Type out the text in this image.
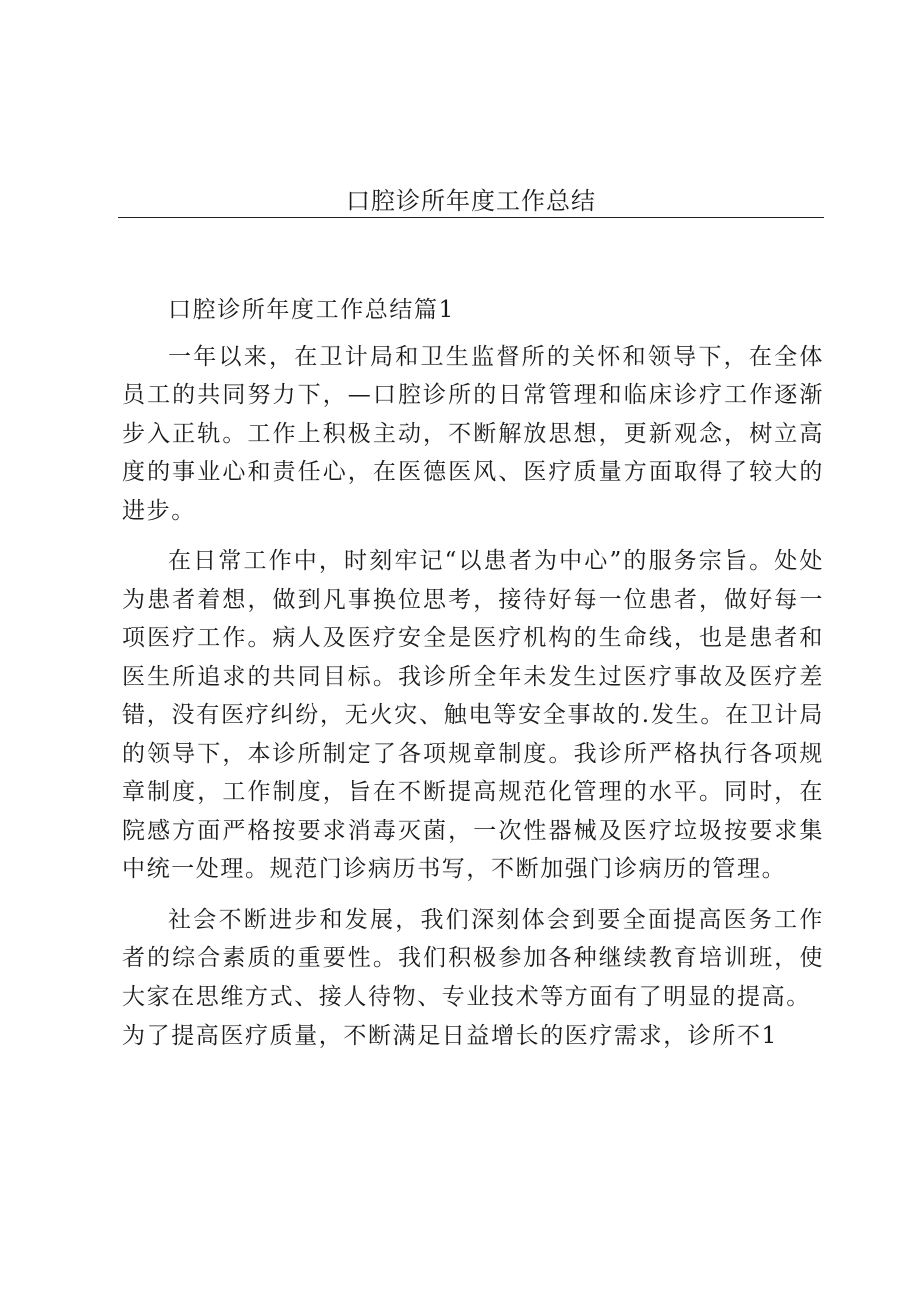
口腔诊所年度工作总结

口腔诊所年度工作总结篇1

一年以来，在卫计局和卫生监督所的关怀和领导下，在全体员工的共同努力下，—口腔诊所的日常管理和临床诊疗工作逐渐步入正轨。工作上积极主动，不断解放思想，更新观念，树立高度的事业心和责任心，在医德医风、医疗质量方面取得了较大的进步。

在日常工作中，时刻牢记“以患者为中心”的服务宗旨。处处为患者着想，做到凡事换位思考，接待好每一位患者，做好每一项医疗工作。病人及医疗安全是医疗机构的生命线，也是患者和医生所追求的共同目标。我诊所全年未发生过医疗事故及医疗差错，没有医疗纠纷，无火灾、触电等安全事故的.发生。在卫计局的领导下，本诊所制定了各项规章制度。我诊所严格执行各项规章制度，工作制度，旨在不断提高规范化管理的水平。同时，在院感方面严格按要求消毒灭菌，一次性器械及医疗垃圾按要求集中统一处理。规范门诊病历书写，不断加强门诊病历的管理。

社会不断进步和发展，我们深刻体会到要全面提高医务工作者的综合素质的重要性。我们积极参加各种继续教育培训班，使大家在思维方式、接人待物、专业技术等方面有了明显的提高。

为了提高医疗质量，不断满足日益增长的医疗需求，诊所不1
